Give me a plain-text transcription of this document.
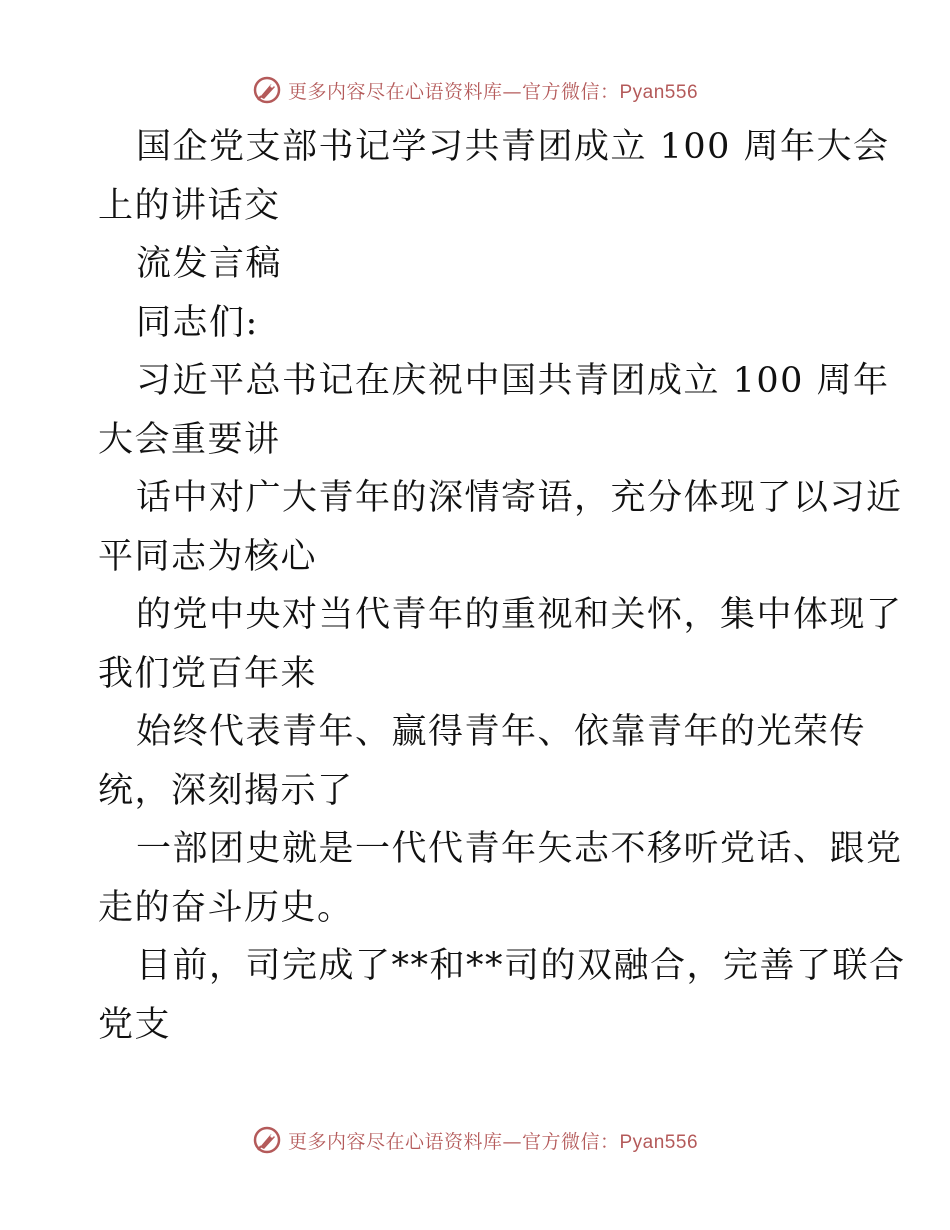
更多内容尽在心语资料库—官方微信：Pyan556
国企党支部书记学习共青团成立 100 周年大会
上的讲话交
流发言稿
同志们:
习近平总书记在庆祝中国共青团成立 100 周年
大会重要讲
话中对广大青年的深情寄语，充分体现了以习近
平同志为核心
的党中央对当代青年的重视和关怀，集中体现了
我们党百年来
始终代表青年、赢得青年、依靠青年的光荣传
统，深刻揭示了
一部团史就是一代代青年矢志不移听党话、跟党
走的奋斗历史。
目前，司完成了**和**司的双融合，完善了联合
党支
更多内容尽在心语资料库—官方微信：Pyan556
